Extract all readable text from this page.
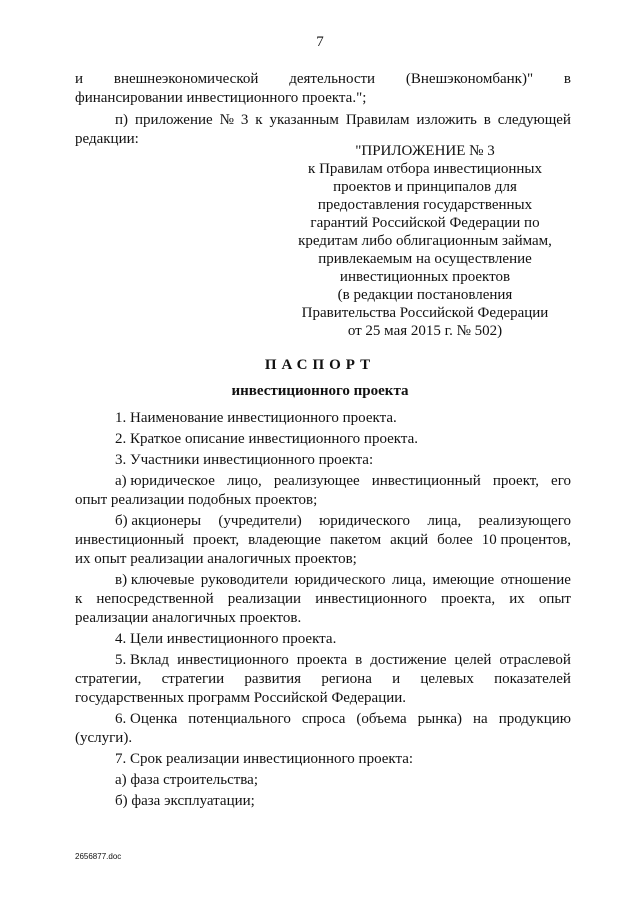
7
и внешнеэкономической деятельности (Внешэкономбанк)" в
финансировании инвестиционного проекта.";
п) приложение № 3 к указанным Правилам изложить в следующей
редакции:
"ПРИЛОЖЕНИЕ № 3
к Правилам отбора инвестиционных
проектов и принципалов для
предоставления государственных
гарантий Российской Федерации по
кредитам либо облигационным займам,
привлекаемым на осуществление
инвестиционных проектов
(в редакции постановления
Правительства Российской Федерации
от 25 мая 2015 г. № 502)
ПАСПОРТ
инвестиционного проекта
1. Наименование инвестиционного проекта.
2. Краткое описание инвестиционного проекта.
3. Участники инвестиционного проекта:
а) юридическое лицо, реализующее инвестиционный проект, его
опыт реализации подобных проектов;
б) акционеры (учредители) юридического лица, реализующего
инвестиционный проект, владеющие пакетом акций более 10 процентов,
их опыт реализации аналогичных проектов;
в) ключевые руководители юридического лица, имеющие отношение
к непосредственной реализации инвестиционного проекта, их опыт
реализации аналогичных проектов.
4. Цели инвестиционного проекта.
5. Вклад инвестиционного проекта в достижение целей отраслевой
стратегии, стратегии развития региона и целевых показателей
государственных программ Российской Федерации.
6. Оценка потенциального спроса (объема рынка) на продукцию
(услуги).
7. Срок реализации инвестиционного проекта:
а) фаза строительства;
б) фаза эксплуатации;
2656877.doc
